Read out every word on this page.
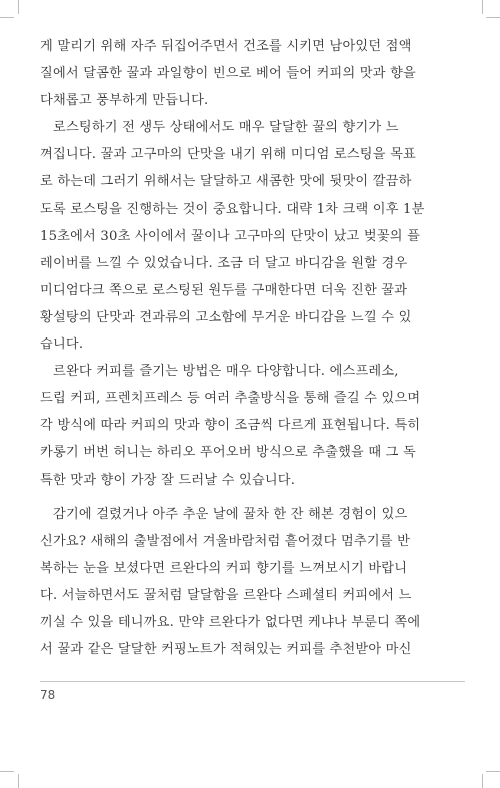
게 말리기 위해 자주 뒤집어주면서 건조를 시키면 남아있던 점액
질에서 달콤한 꿀과 과일향이 빈으로 베어 들어 커피의 맛과 향을
다채롭고 풍부하게 만듭니다.
로스팅하기 전 생두 상태에서도 매우 달달한 꿀의 향기가 느
껴집니다. 꿀과 고구마의 단맛을 내기 위해 미디엄 로스팅을 목표
로 하는데 그러기 위해서는 달달하고 새콤한 맛에 뒷맛이 깔끔하
도록 로스팅을 진행하는 것이 중요합니다. 대략 1차 크랙 이후 1분
15초에서 30초 사이에서 꿀이나 고구마의 단맛이 났고 벚꽃의 플
레이버를 느낄 수 있었습니다. 조금 더 달고 바디감을 원할 경우
미디엄다크 쪽으로 로스팅된 원두를 구매한다면 더욱 진한 꿀과
황설탕의 단맛과 견과류의 고소함에 무거운 바디감을 느낄 수 있
습니다.
르완다 커피를 즐기는 방법은 매우 다양합니다. 에스프레소,
드립 커피, 프렌치프레스 등 여러 추출방식을 통해 즐길 수 있으며
각 방식에 따라 커피의 맛과 향이 조금씩 다르게 표현됩니다. 특히
카롱기 버번 허니는 하리오 푸어오버 방식으로 추출했을 때 그 독
특한 맛과 향이 가장 잘 드러날 수 있습니다.
감기에 걸렸거나 아주 추운 날에 꿀차 한 잔 해본 경험이 있으
신가요? 새해의 출발점에서 겨울바람처럼 흩어졌다 멈추기를 반
복하는 눈을 보셨다면 르완다의 커피 향기를 느껴보시기 바랍니
다. 서늘하면서도 꿀처럼 달달함을 르완다 스페셜티 커피에서 느
끼실 수 있을 테니까요. 만약 르완다가 없다면 케냐나 부룬디 쪽에
서 꿀과 같은 달달한 커핑노트가 적혀있는 커피를 추천받아 마신
78
